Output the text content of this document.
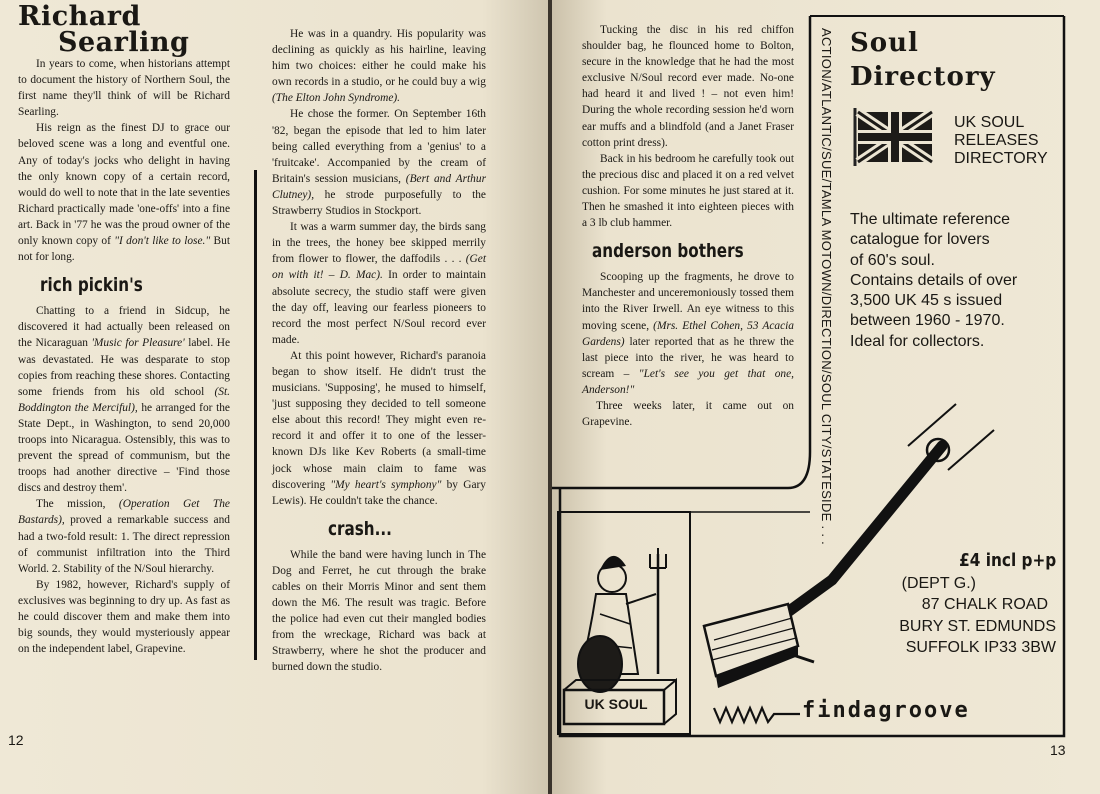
Richard
Searling

In years to come, when historians attempt to document the history of Northern Soul, the first name they'll think of will be Richard Searling.

His reign as the finest DJ to grace our beloved scene was a long and eventful one. Any of today's jocks who delight in having the only known copy of a certain record, would do well to note that in the late seventies Richard practically made 'one-offs' into a fine art. Back in '77 he was the proud owner of the only known copy of "I don't like to lose." But not for long.

rich pickin's

Chatting to a friend in Sidcup, he discovered it had actually been released on the Nicaraguan 'Music for Pleasure' label. He was devastated. He was desparate to stop copies from reaching these shores. Contacting some friends from his old school (St. Boddington the Merciful), he arranged for the State Dept., in Washington, to send 20,000 troops into Nicaragua. Ostensibly, this was to prevent the spread of communism, but the troops had another directive – 'Find those discs and destroy them'.

The mission, (Operation Get The Bastards), proved a remarkable success and had a two-fold result: 1. The direct repression of communist infiltration into the Third World. 2. Stability of the N/Soul hierarchy.

By 1982, however, Richard's supply of exclusives was beginning to dry up. As fast as he could discover them and make them into big sounds, they would mysteriously appear on the independent label, Grapevine.

He was in a quandry. His popularity was declining as quickly as his hairline, leaving him two choices: either he could make his own records in a studio, or he could buy a wig (The Elton John Syndrome).

He chose the former. On September 16th '82, began the episode that led to him later being called everything from a 'genius' to a 'fruitcake'. Accompanied by the cream of Britain's session musicians, (Bert and Arthur Clutney), he strode purposefully to the Strawberry Studios in Stockport.

It was a warm summer day, the birds sang in the trees, the honey bee skipped merrily from flower to flower, the daffodils . . . (Get on with it! – D. Mac). In order to maintain absolute secrecy, the studio staff were given the day off, leaving our fearless pioneers to record the most perfect N/Soul record ever made.

At this point however, Richard's paranoia began to show itself. He didn't trust the musicians. 'Supposing', he mused to himself, 'just supposing they decided to tell someone else about this record! They might even re-record it and offer it to one of the lesser-known DJs like Kev Roberts (a small-time jock whose main claim to fame was discovering "My heart's symphony" by Gary Lewis). He couldn't take the chance.

crash...

While the band were having lunch in The Dog and Ferret, he cut through the brake cables on their Morris Minor and sent them down the M6. The result was tragic. Before the police had even cut their mangled bodies from the wreckage, Richard was back at Strawberry, where he shot the producer and burned down the studio.

12

Tucking the disc in his red chiffon shoulder bag, he flounced home to Bolton, secure in the knowledge that he had the most exclusive N/Soul record ever made. No-one had heard it and lived ! – not even him! During the whole recording session he'd worn ear muffs and a blindfold (and a Janet Fraser cotton print dress).

Back in his bedroom he carefully took out the precious disc and placed it on a red velvet cushion. For some minutes he just stared at it. Then he smashed it into eighteen pieces with a 3 lb club hammer.

anderson bothers

Scooping up the fragments, he drove to Manchester and unceremoniously tossed them into the River Irwell. An eye witness to this moving scene, (Mrs. Ethel Cohen, 53 Acacia Gardens) later reported that as he threw the last piece into the river, he was heard to scream – "Let's see you get that one, Anderson!"

Three weeks later, it came out on Grapevine.	ACTION/ATLANTIC/SUE/TAMLA MOTOWN/DIRECTION/SOUL CITY/STATESIDE . . . Soul
Directory
UK SOUL
RELEASES
DIRECTORY
The ultimate reference
catalogue for lovers
of 60's soul.
Contains details of over
3,500 UK 45 s issued
between 1960 - 1970.
Ideal for collectors.
UK SOUL
£4 incl p+p
(DEPT G.)
87 CHALK ROAD
BURY ST. EDMUNDS
SUFFOLK IP33 3BW
findagroove
13
